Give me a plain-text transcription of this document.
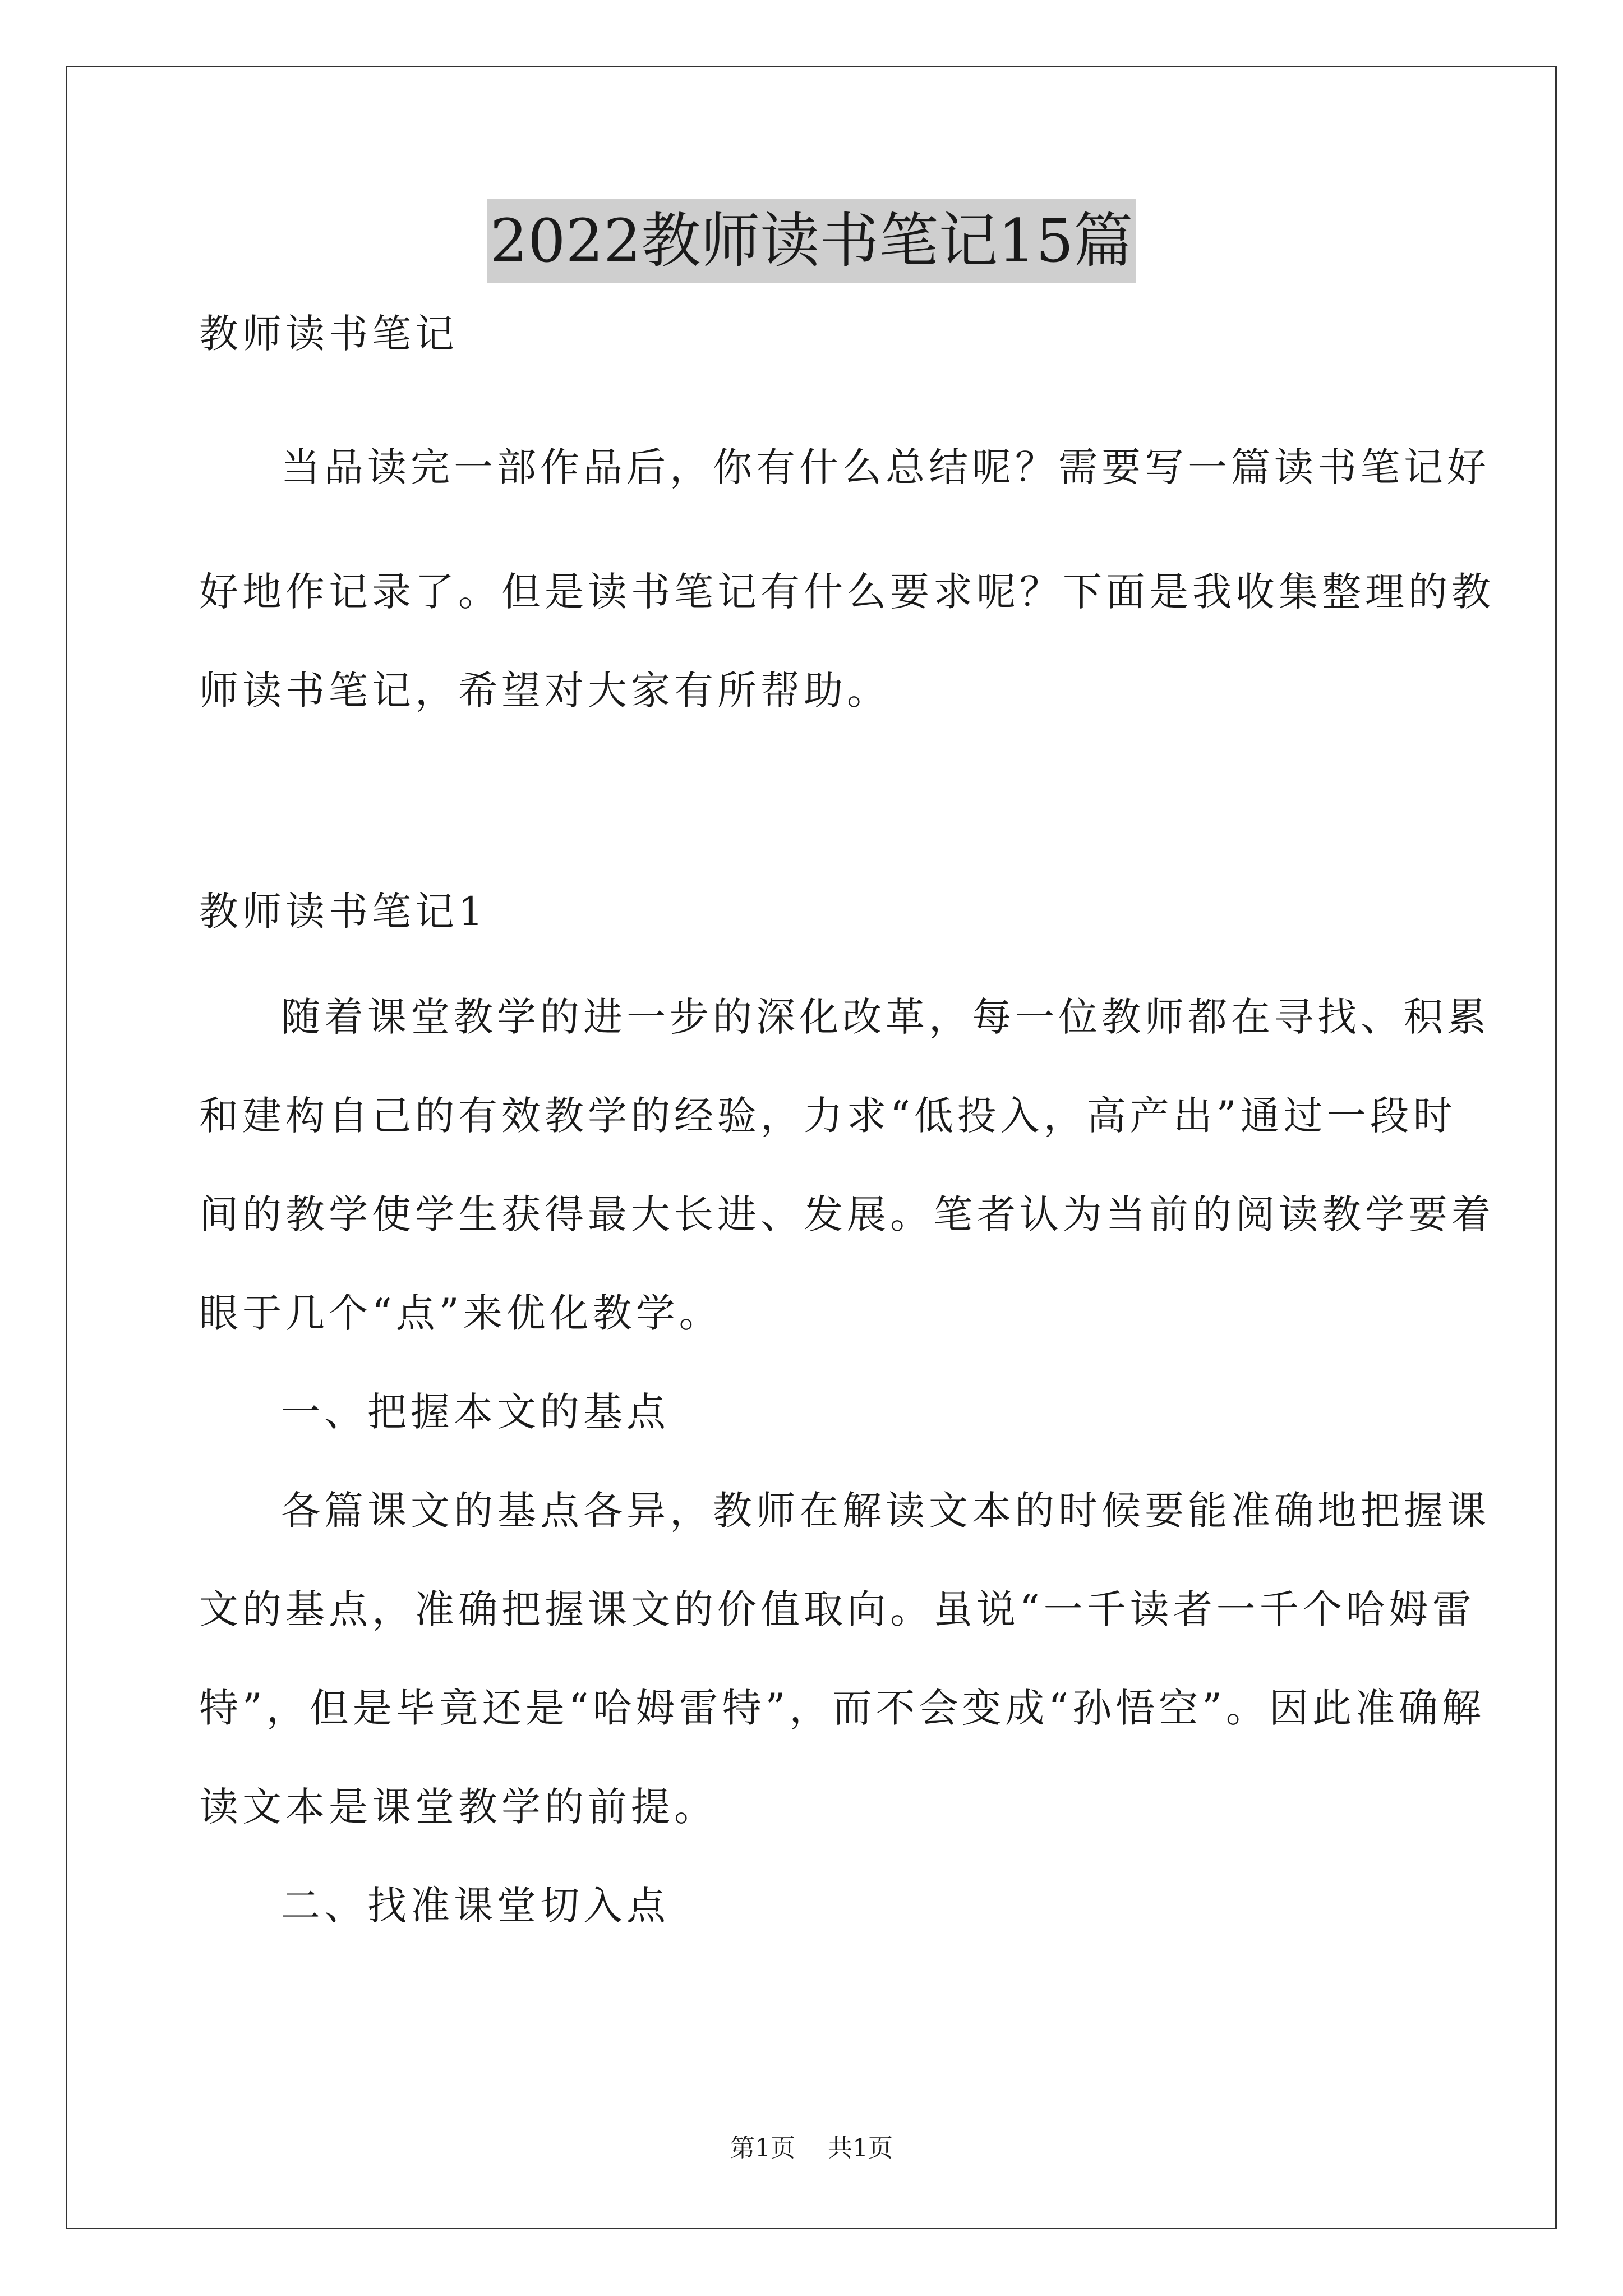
2022教师读书笔记15篇
教师读书笔记
当品读完一部作品后，你有什么总结呢？需要写一篇读书笔记好
好地作记录了。但是读书笔记有什么要求呢？下面是我收集整理的教
师读书笔记，希望对大家有所帮助。
教师读书笔记1
随着课堂教学的进一步的深化改革，每一位教师都在寻找、积累
和建构自己的有效教学的经验，力求“低投入，高产出”通过一段时
间的教学使学生获得最大长进、发展。笔者认为当前的阅读教学要着
眼于几个“点”来优化教学。
一、把握本文的基点
各篇课文的基点各异，教师在解读文本的时候要能准确地把握课
文的基点，准确把握课文的价值取向。虽说“一千读者一千个哈姆雷
特”，但是毕竟还是“哈姆雷特”，而不会变成“孙悟空”。因此准确解
读文本是课堂教学的前提。
二、找准课堂切入点
第1页 共1页
